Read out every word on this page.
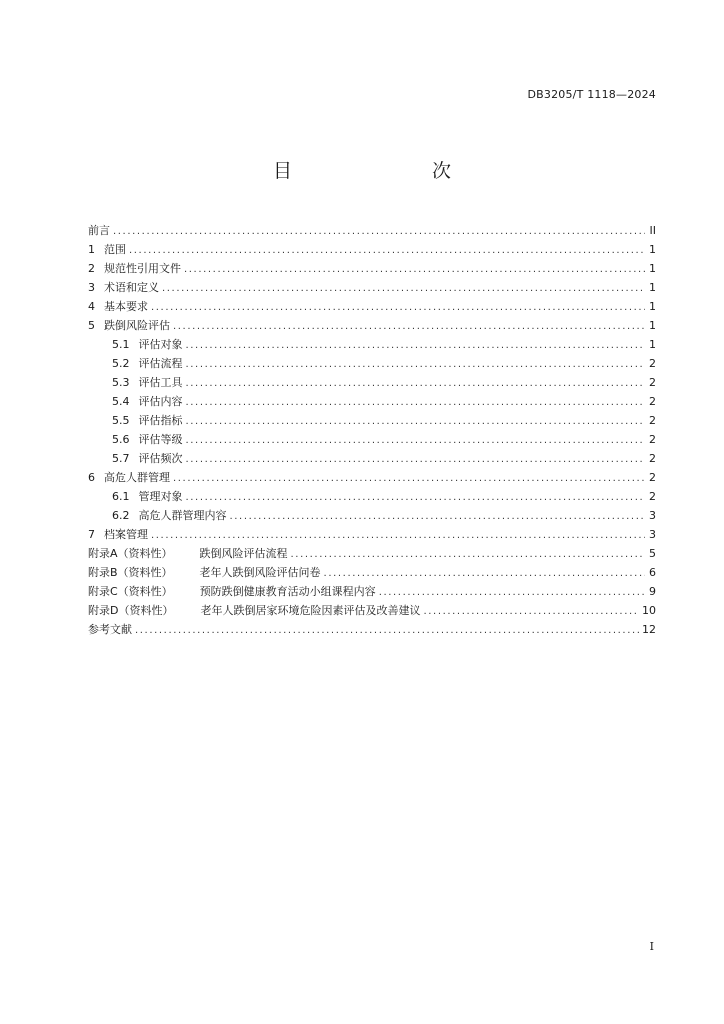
DB3205/T 1118—2024
目　　次
前言 .....	II
1 范围 .....	1
2 规范性引用文件 .....	1
3 术语和定义 .....	1
4 基本要求 .....	1
5 跌倒风险评估 .....	1
5.1 评估对象 .....	1
5.2 评估流程 .....	2
5.3 评估工具 .....	2
5.4 评估内容 .....	2
5.5 评估指标 .....	2
5.6 评估等级 .....	2
5.7 评估频次 .....	2
6 高危人群管理 .....	2
6.1 管理对象 .....	2
6.2 高危人群管理内容 .....	3
7 档案管理 .....	3
附录A（资料性） 跌倒风险评估流程 .....	5
附录B（资料性） 老年人跌倒风险评估问卷 .....	6
附录C（资料性） 预防跌倒健康教育活动小组课程内容 .....	9
附录D（资料性） 老年人跌倒居家环境危险因素评估及改善建议 .....	10
参考文献 .....	12
I
